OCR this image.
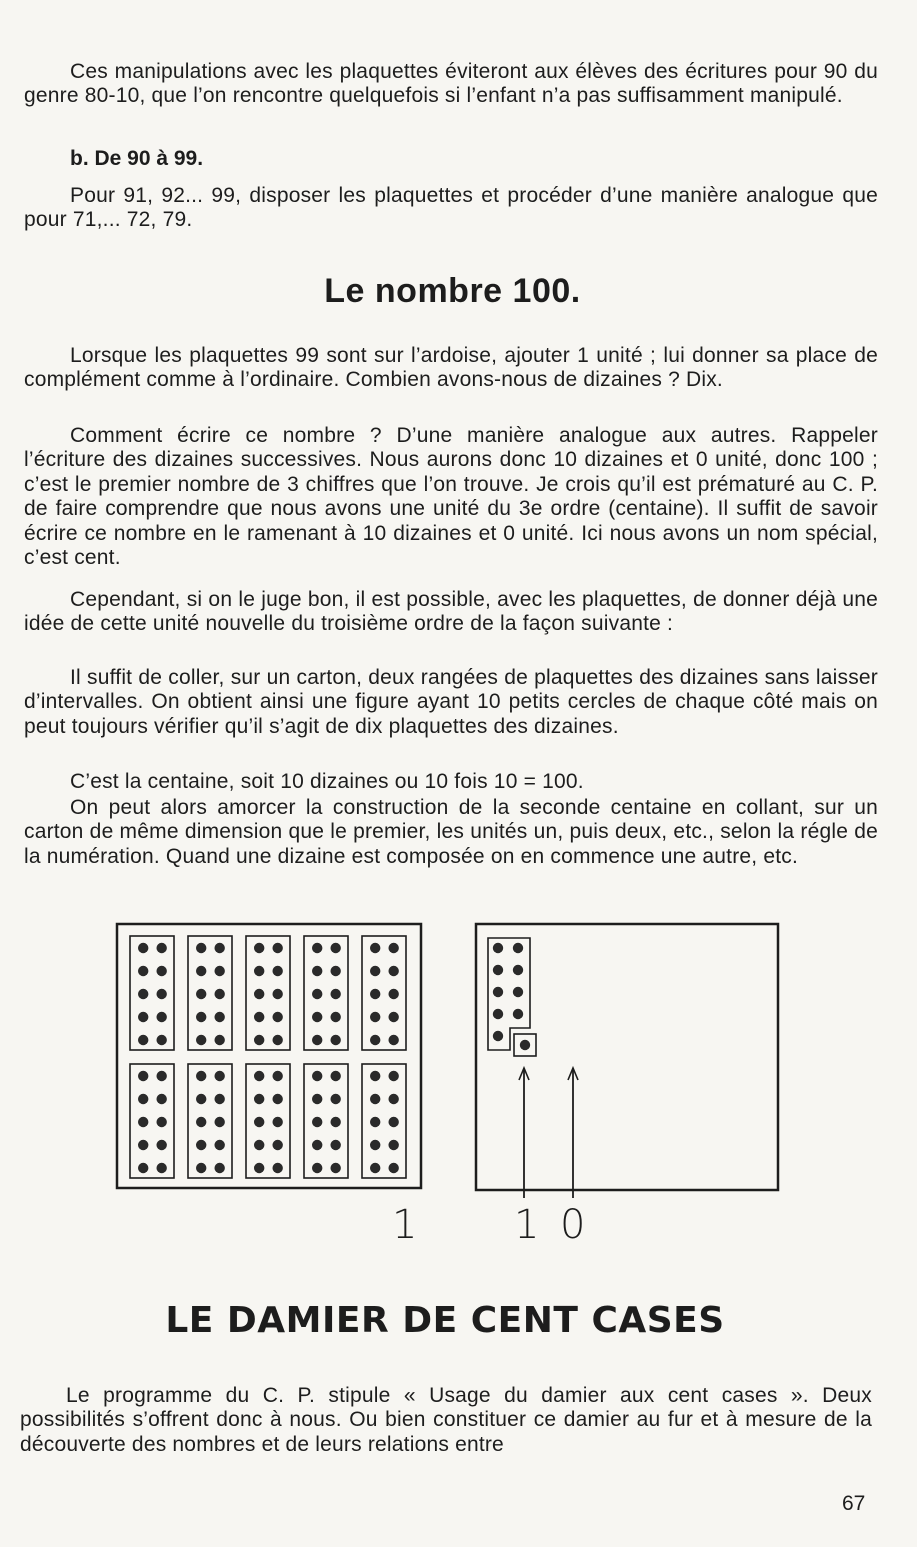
Ces manipulations avec les plaquettes éviteront aux élèves des écritures pour 90 du genre 80-10, que l’on rencontre quelquefois si l’enfant n’a pas suffisamment manipulé.

b. De 90 à 99.

Pour 91, 92... 99, disposer les plaquettes et procéder d’une manière analogue que pour 71,... 72, 79.

Le nombre 100.

Lorsque les plaquettes 99 sont sur l’ardoise, ajouter 1 unité ; lui donner sa place de complément comme à l’ordinaire. Combien avons-nous de dizaines ? Dix.

Comment écrire ce nombre ? D’une manière analogue aux autres. Rappeler l’écriture des dizaines successives. Nous aurons donc 10 dizaines et 0 unité, donc 100 ; c’est le premier nombre de 3 chiffres que l’on trouve. Je crois qu’il est prématuré au C. P. de faire comprendre que nous avons une unité du 3e ordre (centaine). Il suffit de savoir écrire ce nombre en le ramenant à 10 dizaines et 0 unité. Ici nous avons un nom spécial, c’est cent.

Cependant, si on le juge bon, il est possible, avec les plaquettes, de donner déjà une idée de cette unité nouvelle du troisième ordre de la façon suivante :

Il suffit de coller, sur un carton, deux rangées de plaquettes des dizaines sans laisser d’intervalles. On obtient ainsi une figure ayant 10 petits cercles de chaque côté mais on peut toujours vérifier qu’il s’agit de dix plaquettes des dizaines.

C’est la centaine, soit 10 dizaines ou 10 fois 10 = 100.

On peut alors amorcer la construction de la seconde centaine en collant, sur un carton de même dimension que le premier, les unités un, puis deux, etc., selon la régle de la numération. Quand une dizaine est composée on en commence une autre, etc.

1 1 0

LE DAMIER DE CENT CASES

Le programme du C. P. stipule « Usage du damier aux cent cases ». Deux possibilités s’offrent donc à nous. Ou bien constituer ce damier au fur et à mesure de la découverte des nombres et de leurs relations entre

67
